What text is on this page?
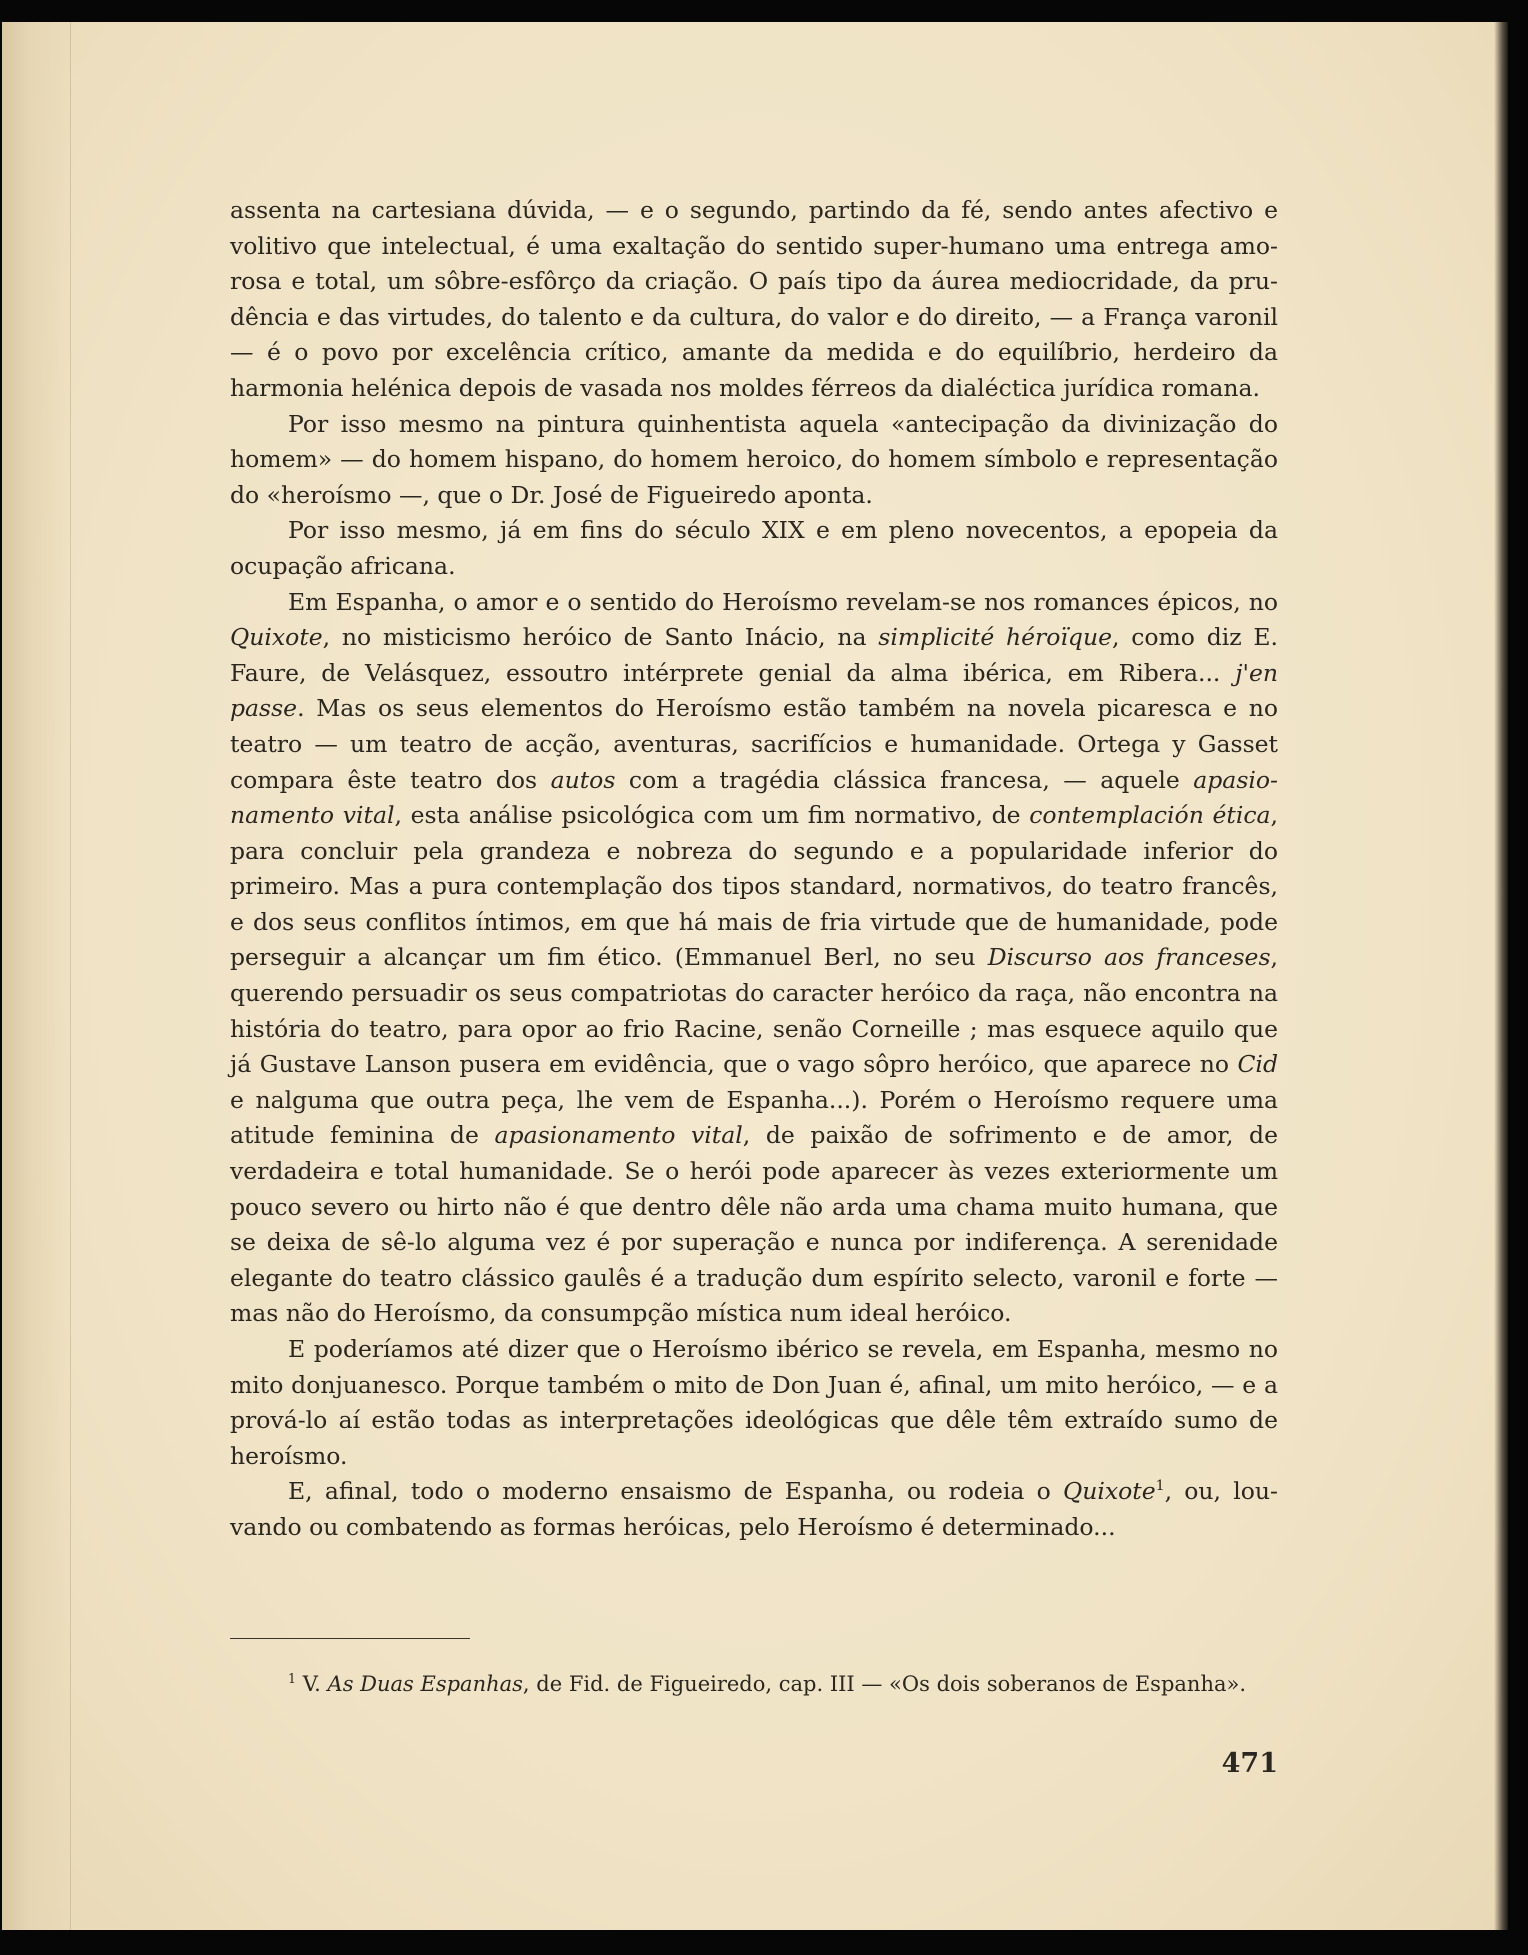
assenta na cartesiana dúvida, — e o segundo, partindo da fé, sendo antes afectivo e volitivo que intelectual, é uma exaltação do sentido super-humano uma entrega amorosa e total, um sôbre-esfôrço da criação. O país tipo da áurea mediocridade, da prudência e das virtudes, do talento e da cultura, do valor e do direito, — a França varonil — é o povo por excelência crítico, amante da medida e do equilíbrio, herdeiro da harmonia helénica depois de vasada nos moldes férreos da dialéctica jurídica romana.

Por isso mesmo na pintura quinhentista aquela «antecipação da divinização do homem» — do homem hispano, do homem heroico, do homem símbolo e representação do «heroísmo —, que o Dr. José de Figueiredo aponta.

Por isso mesmo, já em fins do século XIX e em pleno novecentos, a epopeia da ocupação africana.

Em Espanha, o amor e o sentido do Heroísmo revelam-se nos romances épicos, no Quixote, no misticismo heróico de Santo Inácio, na simplicité héroïque, como diz E. Faure, de Velásquez, essoutro intérprete genial da alma ibérica, em Ribera... j'en passe. Mas os seus elementos do Heroísmo estão também na novela picaresca e no teatro — um teatro de acção, aventuras, sacrifícios e humanidade. Ortega y Gasset compara êste teatro dos autos com a tragédia clássica francesa, — aquele apasionamento vital, esta análise psicológica com um fim normativo, de contemplación ética, para concluir pela grandeza e nobreza do segundo e a popularidade inferior do primeiro. Mas a pura contemplação dos tipos standard, normativos, do teatro francês, e dos seus conflitos íntimos, em que há mais de fria virtude que de humanidade, pode perseguir a alcançar um fim ético. (Emmanuel Berl, no seu Discurso aos franceses, querendo persuadir os seus compatriotas do caracter heróico da raça, não encontra na história do teatro, para opor ao frio Racine, senão Corneille ; mas esquece aquilo que já Gustave Lanson pusera em evidência, que o vago sôpro heróico, que aparece no Cid e nalguma que outra peça, lhe vem de Espanha...). Porém o Heroísmo requere uma atitude feminina de apasionamento vital, de paixão de sofrimento e de amor, de verdadeira e total humanidade. Se o herói pode aparecer às vezes exteriormente um pouco severo ou hirto não é que dentro dêle não arda uma chama muito humana, que se deixa de sê-lo alguma vez é por superação e nunca por indiferença. A serenidade elegante do teatro clássico gaulês é a tradução dum espírito selecto, varonil e forte — mas não do Heroísmo, da consumpção mística num ideal heróico.

E poderíamos até dizer que o Heroísmo ibérico se revela, em Espanha, mesmo no mito donjuanesco. Porque também o mito de Don Juan é, afinal, um mito heróico, — e a prová-lo aí estão todas as interpretações ideológicas que dêle têm extraído sumo de heroísmo.

E, afinal, todo o moderno ensaismo de Espanha, ou rodeia o Quixote$^1$, ou, louvando ou combatendo as formas heróicas, pelo Heroísmo é determinado...

$^1$ V. As Duas Espanhas, de Fid. de Figueiredo, cap. III — «Os dois soberanos de Espanha».

471
